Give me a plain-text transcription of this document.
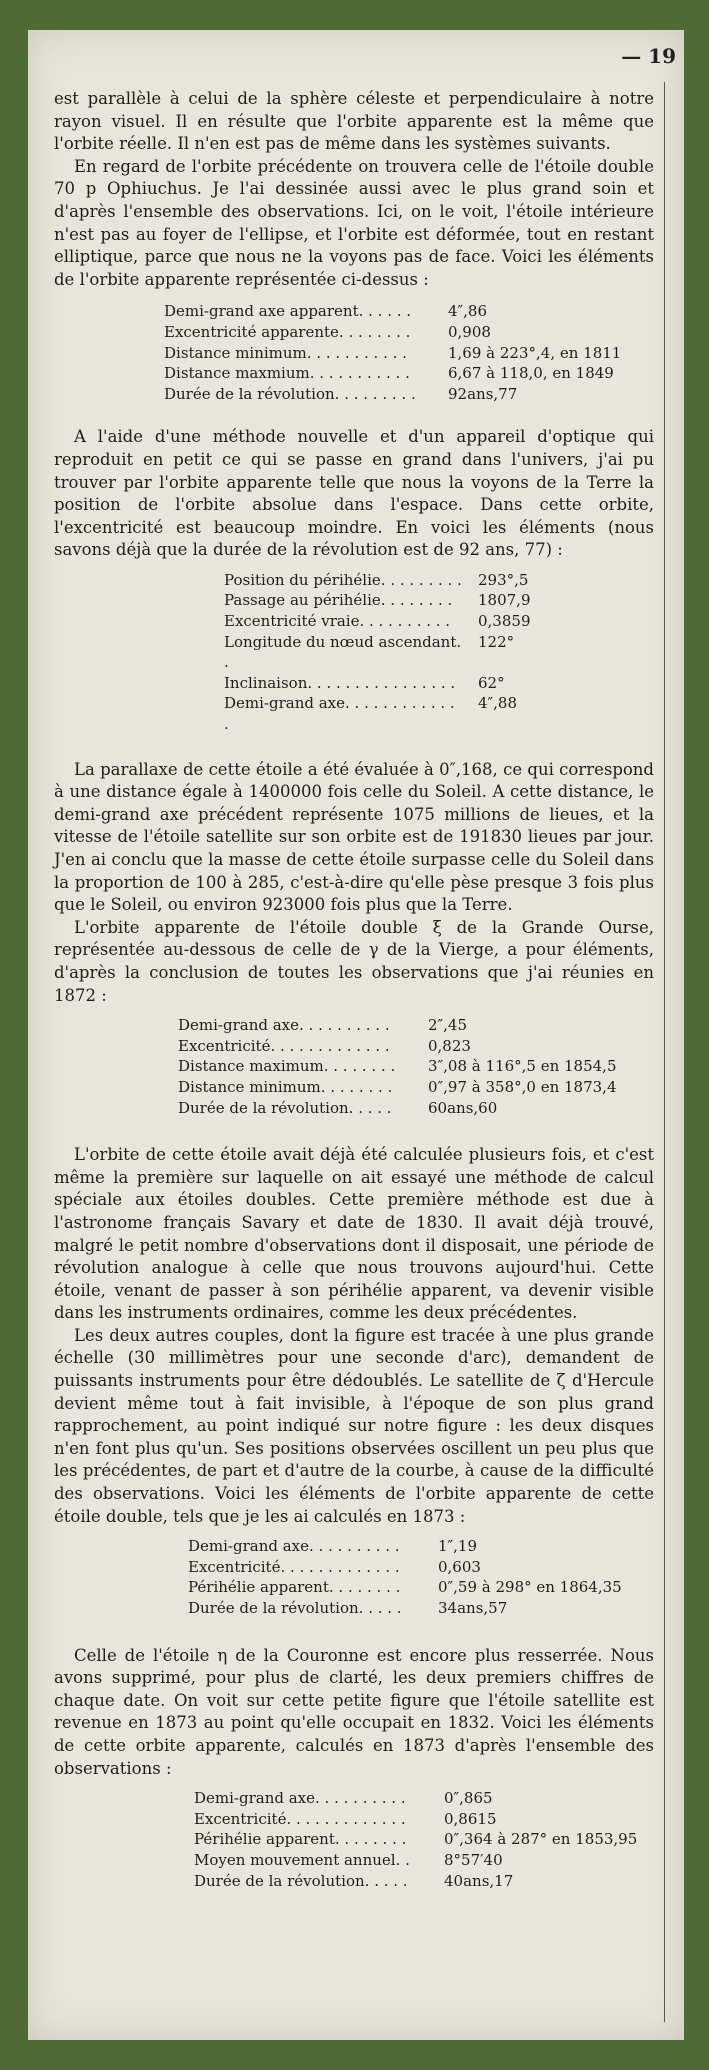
— 19

est parallèle à celui de la sphère céleste et perpendiculaire à notre rayon visuel. Il en résulte que l'orbite apparente est la même que l'orbite réelle. Il n'en est pas de même dans les systèmes suivants.

En regard de l'orbite précédente on trouvera celle de l'étoile double 70 p Ophiuchus. Je l'ai dessinée aussi avec le plus grand soin et d'après l'ensemble des observations. Ici, on le voit, l'étoile intérieure n'est pas au foyer de l'ellipse, et l'orbite est déformée, tout en restant elliptique, parce que nous ne la voyons pas de face. Voici les éléments de l'orbite apparente représentée ci-dessus :

Demi-grand axe apparent. . . . . .	4″,86
Excentricité apparente. . . . . . . .	0,908
Distance minimum. . . . . . . . . . .	1,69 à 223°,4, en 1811
Distance maxmium. . . . . . . . . . .	6,67 à 118,0, en 1849
Durée de la révolution. . . . . . . . .	92ans,77

A l'aide d'une méthode nouvelle et d'un appareil d'optique qui reproduit en petit ce qui se passe en grand dans l'univers, j'ai pu trouver par l'orbite apparente telle que nous la voyons de la Terre la position de l'orbite absolue dans l'espace. Dans cette orbite, l'excentricité est beaucoup moindre. En voici les éléments (nous savons déjà que la durée de la révolution est de 92 ans, 77) :

Position du périhélie. . . . . . . . .	293°,5
Passage au périhélie. . . . . . . .	1807,9
Excentricité vraie. . . . . . . . . .	0,3859
Longitude du nœud ascendant. .	122°
Inclinaison. . . . . . . . . . . . . . . .	62°
Demi-grand axe. . . . . . . . . . . . .	4″,88

La parallaxe de cette étoile a été évaluée à 0″,168, ce qui correspond à une distance égale à 1400000 fois celle du Soleil. A cette distance, le demi-grand axe précédent représente 1075 millions de lieues, et la vitesse de l'étoile satellite sur son orbite est de 191830 lieues par jour. J'en ai conclu que la masse de cette étoile surpasse celle du Soleil dans la proportion de 100 à 285, c'est-à-dire qu'elle pèse presque 3 fois plus que le Soleil, ou environ 923000 fois plus que la Terre.

L'orbite apparente de l'étoile double ξ de la Grande Ourse, représentée au-dessous de celle de γ de la Vierge, a pour éléments, d'après la conclusion de toutes les observations que j'ai réunies en 1872 :

Demi-grand axe. . . . . . . . . .	2″,45
Excentricité. . . . . . . . . . . . .	0,823
Distance maximum. . . . . . . .	3″,08 à 116°,5 en 1854,5
Distance minimum. . . . . . . .	0″,97 à 358°,0 en 1873,4
Durée de la révolution. . . . .	60ans,60

L'orbite de cette étoile avait déjà été calculée plusieurs fois, et c'est même la première sur laquelle on ait essayé une méthode de calcul spéciale aux étoiles doubles. Cette première méthode est due à l'astronome français Savary et date de 1830. Il avait déjà trouvé, malgré le petit nombre d'observations dont il disposait, une période de révolution analogue à celle que nous trouvons aujourd'hui. Cette étoile, venant de passer à son périhélie apparent, va devenir visible dans les instruments ordinaires, comme les deux précédentes.

Les deux autres couples, dont la figure est tracée à une plus grande échelle (30 millimètres pour une seconde d'arc), demandent de puissants instruments pour être dédoublés. Le satellite de ζ d'Hercule devient même tout à fait invisible, à l'époque de son plus grand rapprochement, au point indiqué sur notre figure : les deux disques n'en font plus qu'un. Ses positions observées oscillent un peu plus que les précédentes, de part et d'autre de la courbe, à cause de la difficulté des observations. Voici les éléments de l'orbite apparente de cette étoile double, tels que je les ai calculés en 1873 :

Demi-grand axe. . . . . . . . . .	1″,19
Excentricité. . . . . . . . . . . . .	0,603
Périhélie apparent. . . . . . . .	0″,59 à 298° en 1864,35
Durée de la révolution. . . . .	34ans,57

Celle de l'étoile η de la Couronne est encore plus resserrée. Nous avons supprimé, pour plus de clarté, les deux premiers chiffres de chaque date. On voit sur cette petite figure que l'étoile satellite est revenue en 1873 au point qu'elle occupait en 1832. Voici les éléments de cette orbite apparente, calculés en 1873 d'après l'ensemble des observations :

Demi-grand axe. . . . . . . . . .	0″,865
Excentricité. . . . . . . . . . . . .	0,8615
Périhélie apparent. . . . . . . .	0″,364 à 287° en 1853,95
Moyen mouvement annuel. .	8°57′40
Durée de la révolution. . . . .	40ans,17
